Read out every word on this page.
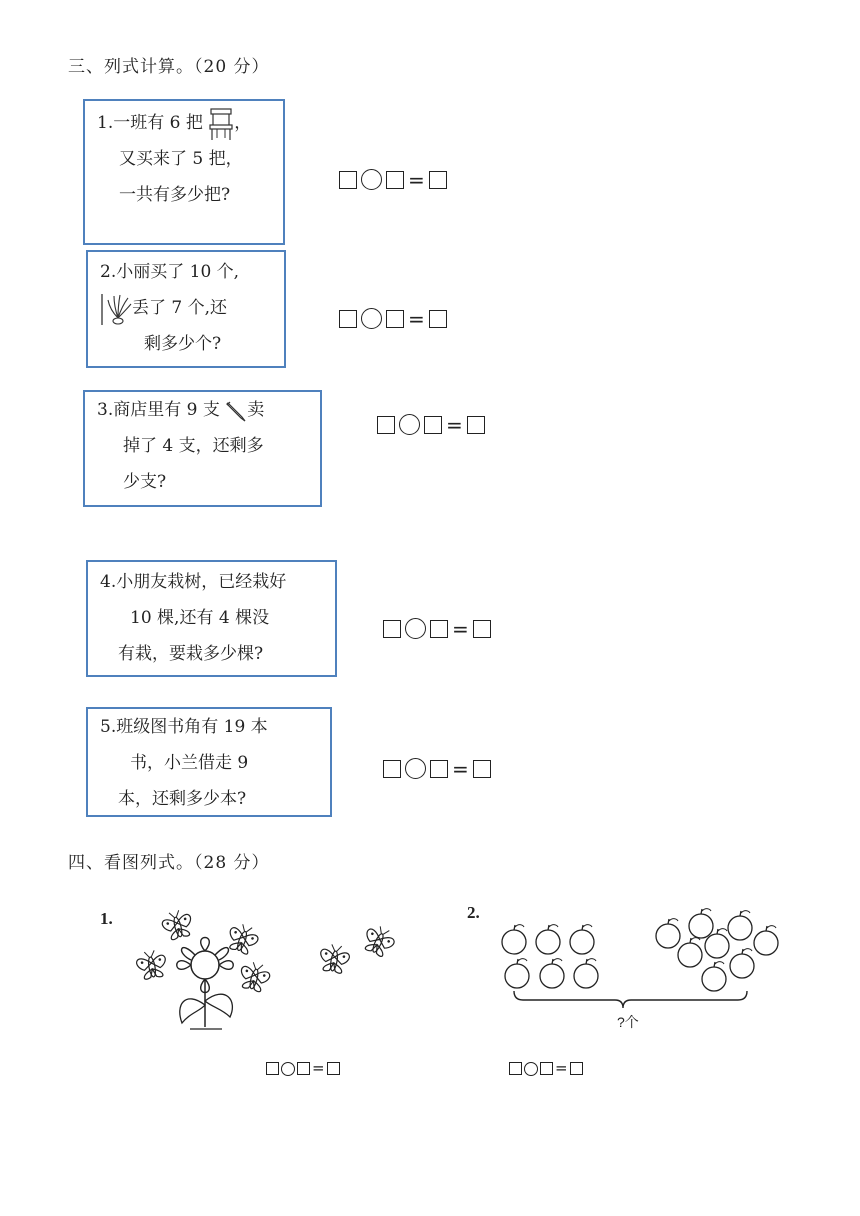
三、列式计算。（20 分）
1.一班有 6 把 ，
又买来了 5 把，
一共有多少把?
=
2.小丽买了 10 个,
丢了 7 个,还
剩多少个?
=
3.商店里有 9 支 卖
掉了 4 支，还剩多
少支?
=
4.小朋友栽树，已经栽好
10 棵,还有 4 棵没
有栽，要栽多少棵?
=
5.班级图书角有 19 本
书，小兰借走 9
本，还剩多少本?
=
四、看图列式。（28 分）
1.
=
2.
?个
=
